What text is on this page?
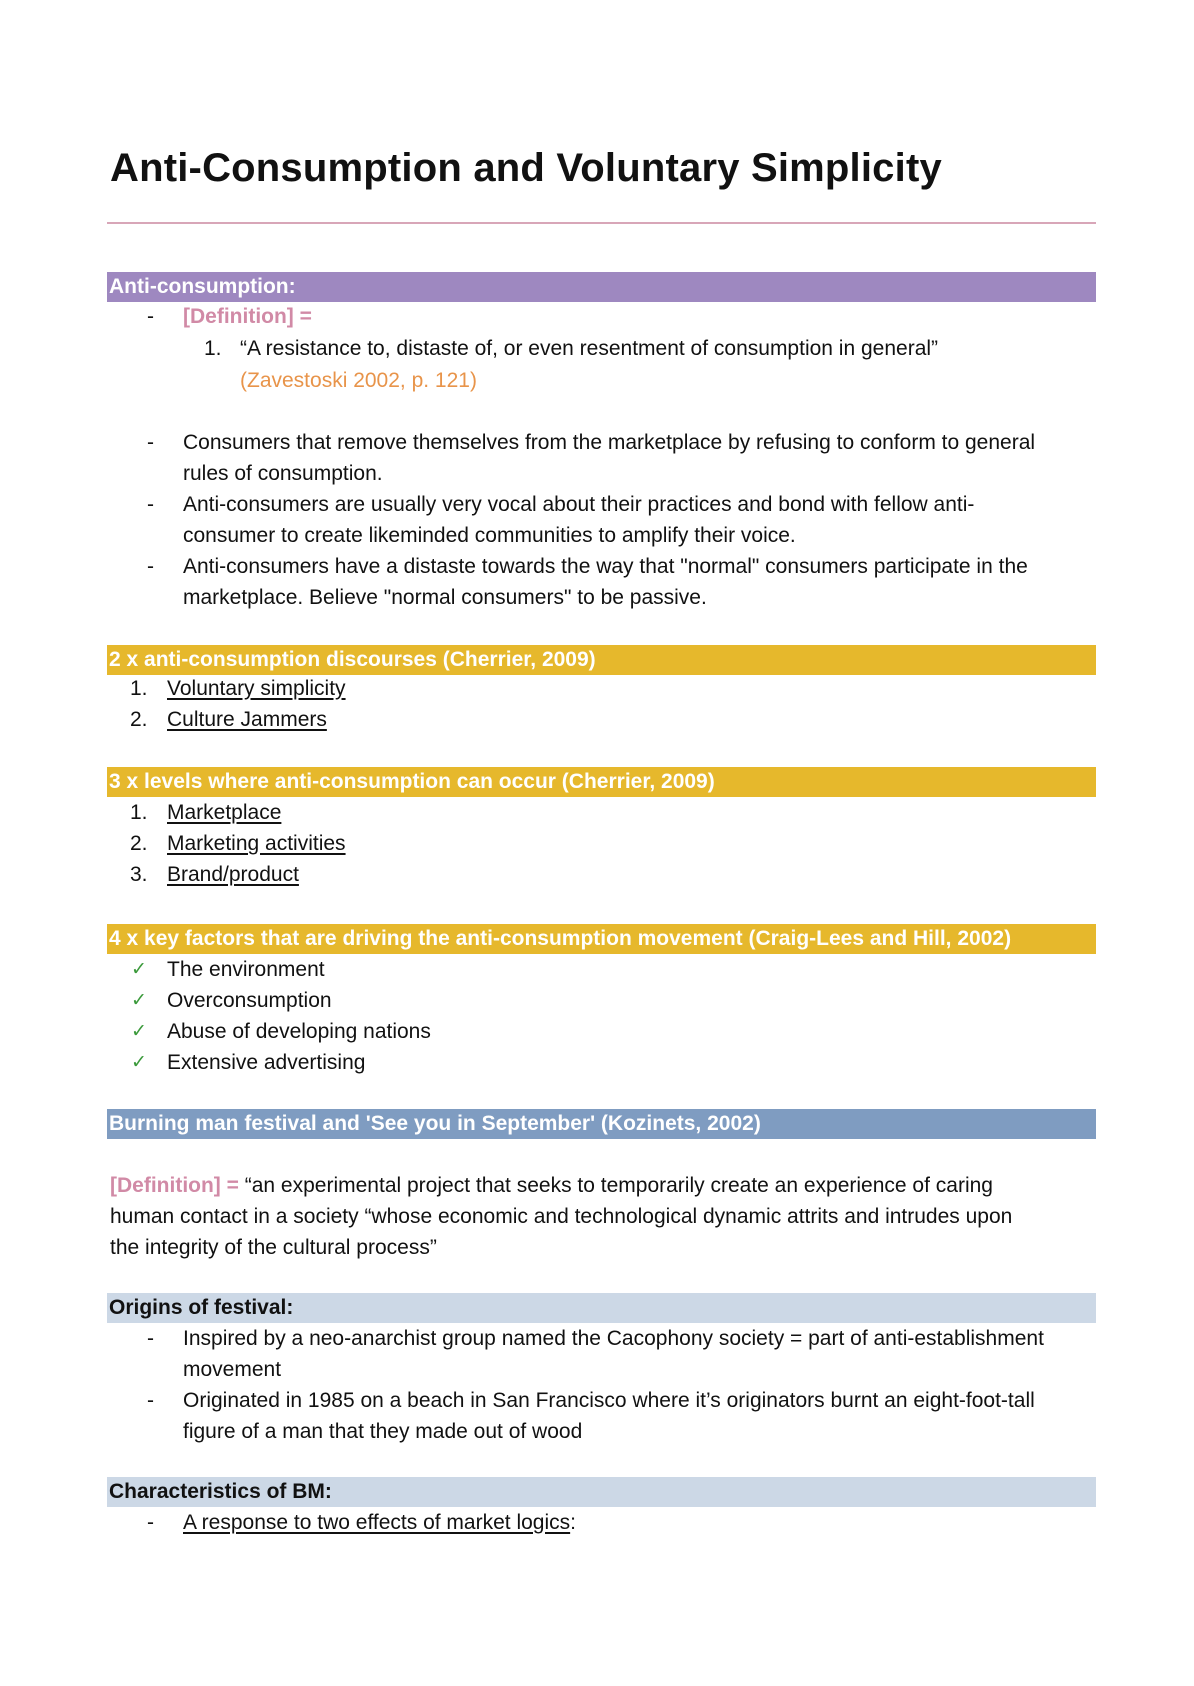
Anti-Consumption and Voluntary Simplicity
Anti-consumption:
- [Definition] =
1. “A resistance to, distaste of, or even resentment of consumption in general”
(Zavestoski 2002, p. 121)
- Consumers that remove themselves from the marketplace by refusing to conform to general
rules of consumption.
- Anti-consumers are usually very vocal about their practices and bond with fellow anti-
consumer to create likeminded communities to amplify their voice.
- Anti-consumers have a distaste towards the way that "normal" consumers participate in the
marketplace. Believe "normal consumers" to be passive.
2 x anti-consumption discourses (Cherrier, 2009)
1. Voluntary simplicity
2. Culture Jammers
3 x levels where anti-consumption can occur (Cherrier, 2009)
1. Marketplace
2. Marketing activities
3. Brand/product
4 x key factors that are driving the anti-consumption movement (Craig-Lees and Hill, 2002)
✓ The environment
✓ Overconsumption
✓ Abuse of developing nations
✓ Extensive advertising
Burning man festival and 'See you in September' (Kozinets, 2002)
[Definition] = “an experimental project that seeks to temporarily create an experience of caring
human contact in a society “whose economic and technological dynamic attrits and intrudes upon
the integrity of the cultural process”
Origins of festival:
- Inspired by a neo-anarchist group named the Cacophony society = part of anti-establishment
movement
- Originated in 1985 on a beach in San Francisco where it’s originators burnt an eight-foot-tall
figure of a man that they made out of wood
Characteristics of BM:
- A response to two effects of market logics:
